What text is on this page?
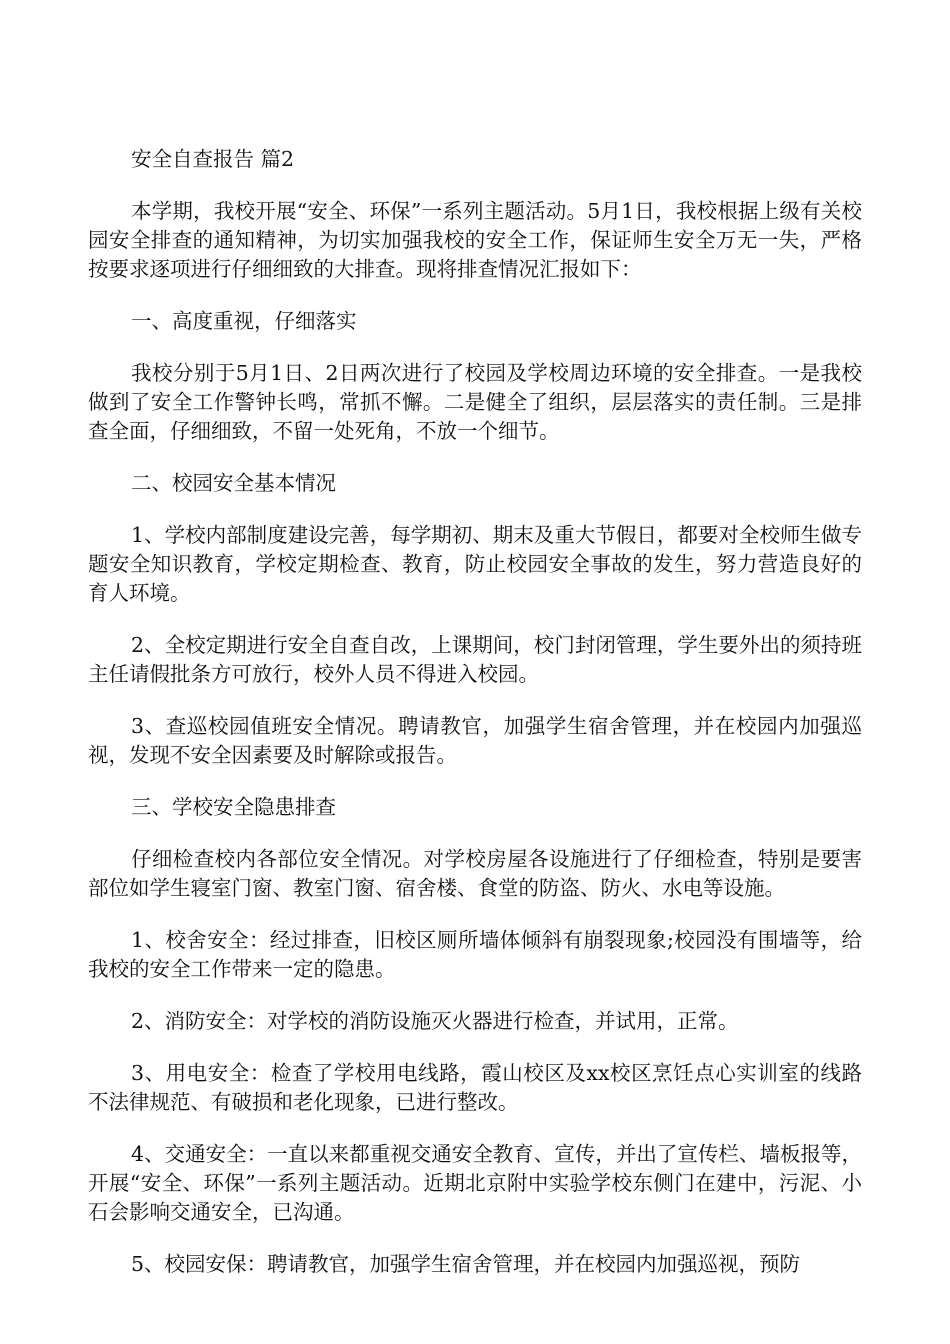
安全自查报告 篇2

本学期，我校开展“安全、环保”一系列主题活动。5月1日，我校根据上级有关校园安全排查的通知精神，为切实加强我校的安全工作，保证师生安全万无一失，严格按要求逐项进行仔细细致的大排查。现将排查情况汇报如下：

一、高度重视，仔细落实

我校分别于5月1日、2日两次进行了校园及学校周边环境的安全排查。一是我校做到了安全工作警钟长鸣，常抓不懈。二是健全了组织，层层落实的责任制。三是排查全面，仔细细致，不留一处死角，不放一个细节。

二、校园安全基本情况

1、学校内部制度建设完善，每学期初、期末及重大节假日，都要对全校师生做专题安全知识教育，学校定期检查、教育，防止校园安全事故的发生，努力营造良好的育人环境。

2、全校定期进行安全自查自改，上课期间，校门封闭管理，学生要外出的须持班主任请假批条方可放行，校外人员不得进入校园。

3、查巡校园值班安全情况。聘请教官，加强学生宿舍管理，并在校园内加强巡视，发现不安全因素要及时解除或报告。

三、学校安全隐患排查

仔细检查校内各部位安全情况。对学校房屋各设施进行了仔细检查，特别是要害部位如学生寝室门窗、教室门窗、宿舍楼、食堂的防盗、防火、水电等设施。

1、校舍安全：经过排查，旧校区厕所墙体倾斜有崩裂现象;校园没有围墙等，给我校的安全工作带来一定的隐患。

2、消防安全：对学校的消防设施灭火器进行检查，并试用，正常。

3、用电安全：检查了学校用电线路，霞山校区及xx校区烹饪点心实训室的线路不法律规范、有破损和老化现象，已进行整改。

4、交通安全：一直以来都重视交通安全教育、宣传，并出了宣传栏、墙板报等，开展“安全、环保”一系列主题活动。近期北京附中实验学校东侧门在建中，污泥、小石会影响交通安全，已沟通。

5、校园安保：聘请教官，加强学生宿舍管理，并在校园内加强巡视，预防
